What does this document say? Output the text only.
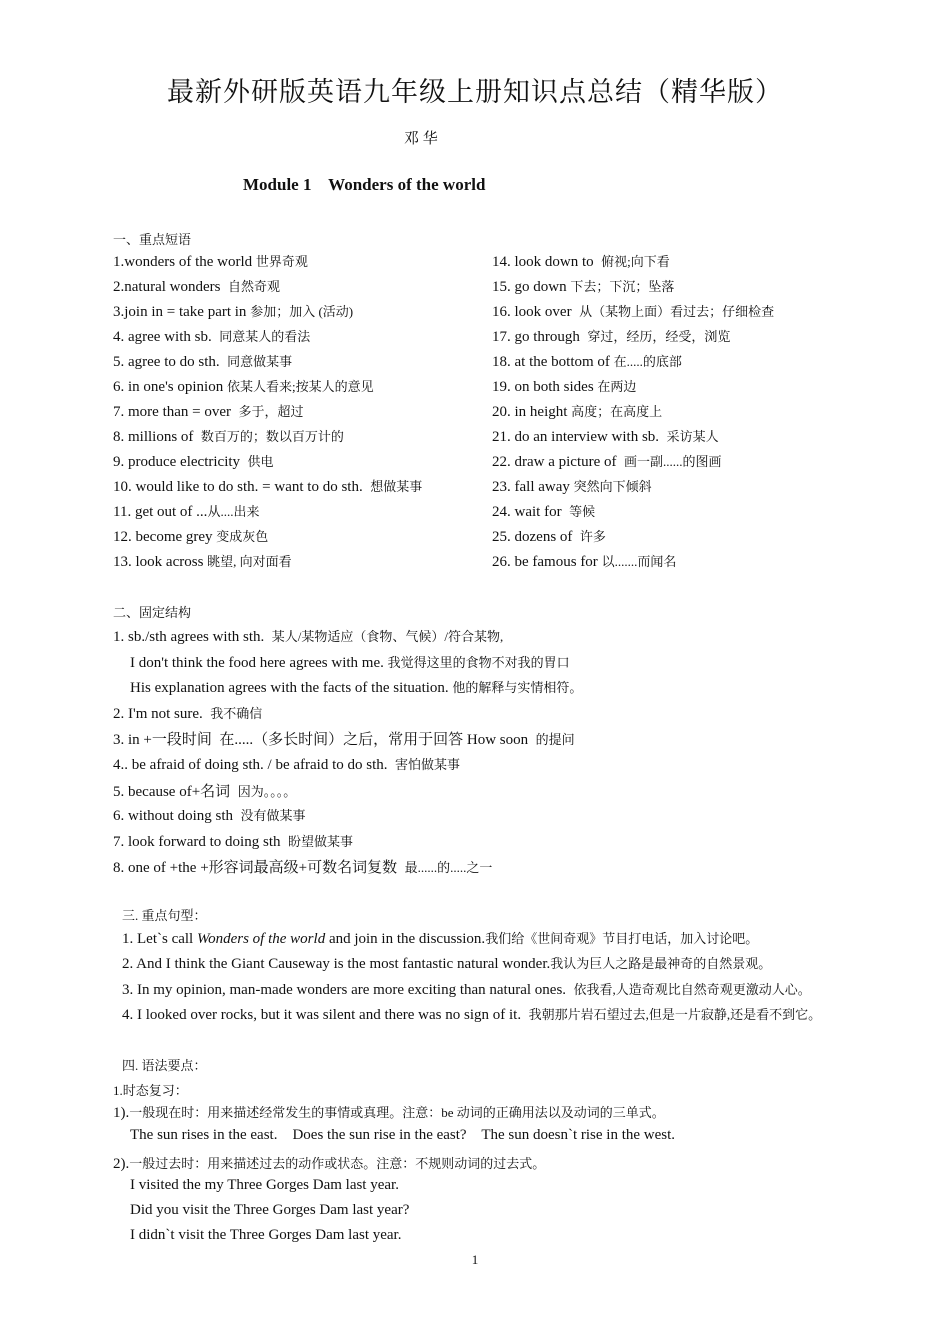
最新外研版英语九年级上册知识点总结（精华版）
邓 华
Module 1    Wonders of the world
一、重点短语
1.wonders of the world 世界奇观
2.natural wonders  自然奇观
3.join in = take part in 参加；加入 (活动)
4. agree with sb.  同意某人的看法
5. agree to do sth.  同意做某事
6. in one's opinion 依某人看来;按某人的意见
7. more than = over  多于，超过
8. millions of  数百万的；数以百万计的
9. produce electricity  供电
10. would like to do sth. = want to do sth.  想做某事
11. get out of ...从....出来
12. become grey 变成灰色
13. look across 眺望, 向对面看
14. look down to  俯视;向下看
15. go down 下去；下沉；坠落
16. look over  从（某物上面）看过去；仔细检查
17. go through  穿过，经历，经受，浏览
18. at the bottom of 在.....的底部
19. on both sides 在两边
20. in height 高度；在高度上
21. do an interview with sb.  采访某人
22. draw a picture of  画一副......的图画
23. fall away 突然向下倾斜
24. wait for  等候
25. dozens of  许多
26. be famous for 以.......而闻名
二、固定结构
1. sb./sth agrees with sth.  某人/某物适应（食物、气候）/符合某物,
I don't think the food here agrees with me. 我觉得这里的食物不对我的胃口
His explanation agrees with the facts of the situation. 他的解释与实情相符。
2. I'm not sure.  我不确信
3. in +一段时间  在.....（多长时间）之后，常用于回答 How soon  的提问
4.. be afraid of doing sth. / be afraid to do sth.  害怕做某事
5. because of+名词  因为。。。。
6. without doing sth  没有做某事
7. look forward to doing sth  盼望做某事
8. one of +the +形容词最高级+可数名词复数  最......的.....之一
三. 重点句型：
1. Let`s call Wonders of the world and join in the discussion.我们给《世间奇观》节目打电话，加入讨论吧。
2. And I think the Giant Causeway is the most fantastic natural wonder.我认为巨人之路是最神奇的自然景观。
3. In my opinion, man-made wonders are more exciting than natural ones.  依我看,人造奇观比自然奇观更激动人心。
4. I looked over rocks, but it was silent and there was no sign of it.  我朝那片岩石望过去,但是一片寂静,还是看不到它。
四. 语法要点：
1.时态复习：
1).一般现在时：用来描述经常发生的事情或真理。注意：be 动词的正确用法以及动词的三单式。
The sun rises in the east.    Does the sun rise in the east?    The sun doesn`t rise in the west.
2).一般过去时：用来描述过去的动作或状态。注意：不规则动词的过去式。
I visited the my Three Gorges Dam last year.
Did you visit the Three Gorges Dam last year?
I didn`t visit the Three Gorges Dam last year.
1
